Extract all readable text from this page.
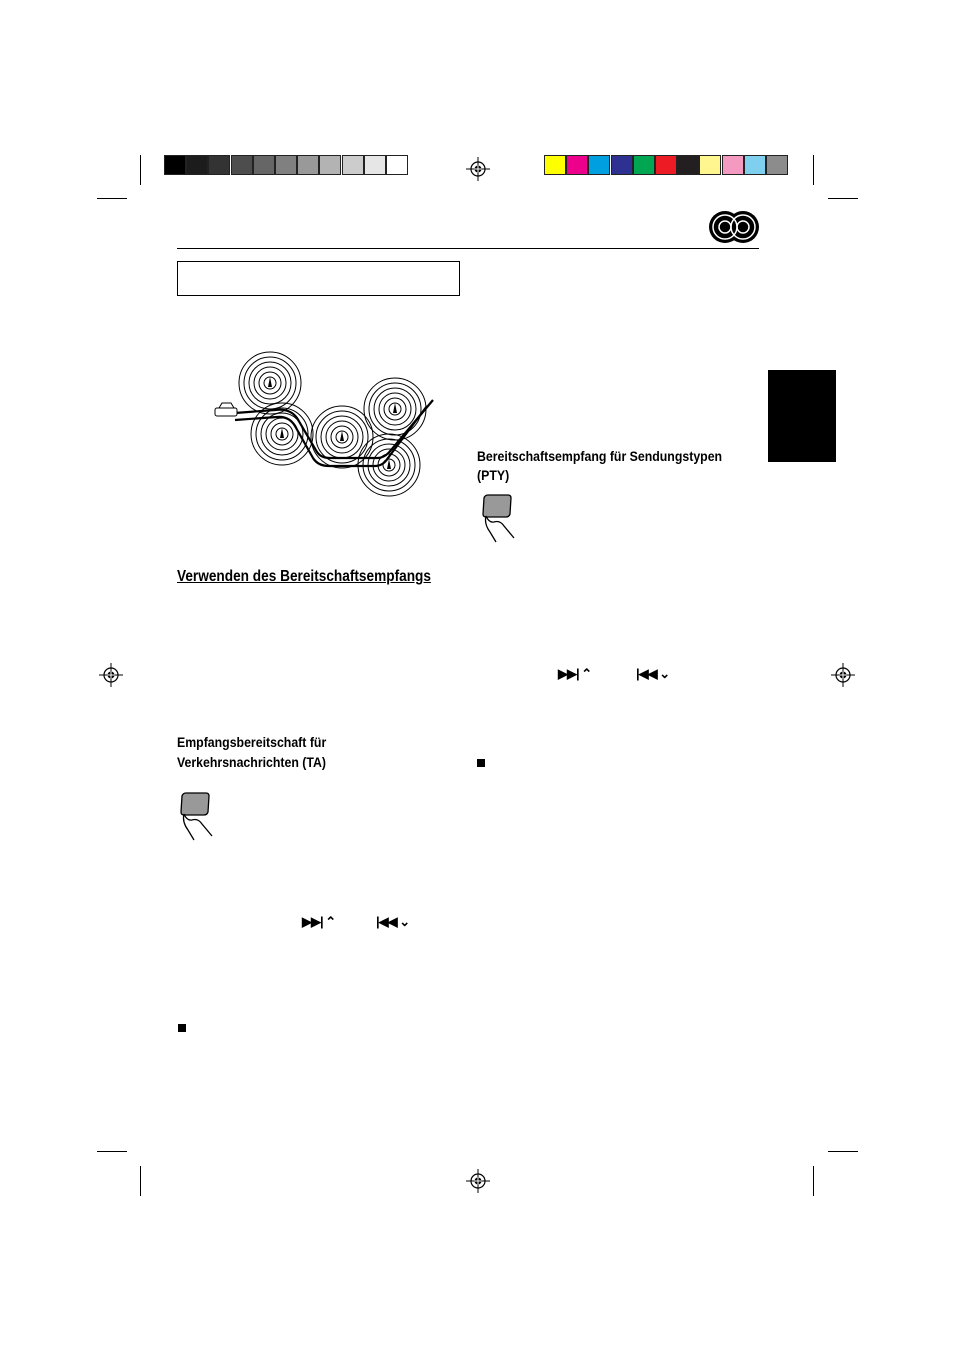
Verwenden des Bereitschaftsempfangs
Empfangsbereitschaft für
Verkehrsnachrichten (TA)
▶▶| ⌃	|◀◀ ⌄
Bereitschaftsempfang für Sendungstypen
(PTY)
▶▶| ⌃	|◀◀ ⌄
